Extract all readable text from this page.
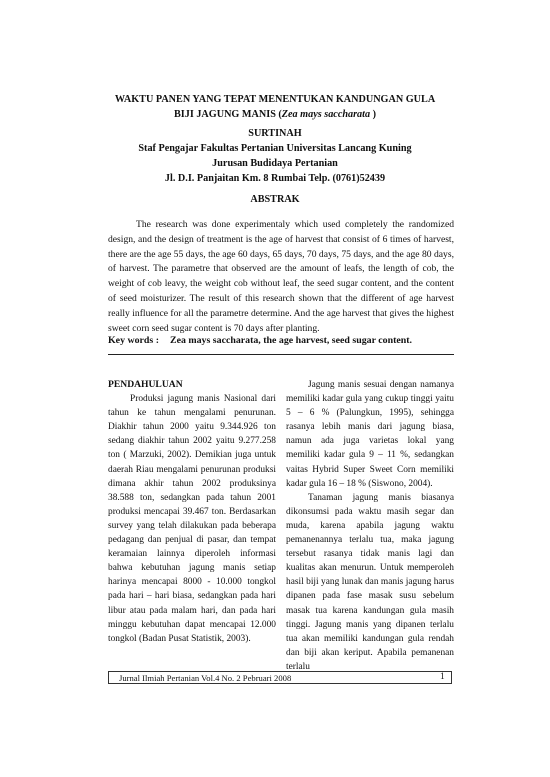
WAKTU PANEN YANG TEPAT MENENTUKAN KANDUNGAN GULA
BIJI JAGUNG MANIS (Zea mays saccharata )
SURTINAH
Staf Pengajar Fakultas Pertanian Universitas Lancang Kuning
Jurusan Budidaya Pertanian
Jl. D.I. Panjaitan Km. 8 Rumbai Telp. (0761)52439
ABSTRAK

The research was done experimentaly which used completely the randomized design, and the design of treatment is the age of harvest that consist of 6 times of harvest, there are the age 55 days, the age 60 days, 65 days, 70 days, 75 days, and the age 80 days, of harvest. The parametre that observed are the amount of leafs, the length of cob, the weight of cob leavy, the weight cob without leaf, the seed sugar content, and the content of seed moisturizer. The result of this research shown that the different of age harvest really influence for all the parametre determine. And the age harvest that gives the highest sweet corn seed sugar content is 70 days after planting.

Key words : Zea mays saccharata, the age harvest, seed sugar content.

PENDAHULUAN

Produksi jagung manis Nasional dari tahun ke tahun mengalami penurunan. Diakhir tahun 2000 yaitu 9.344.926 ton sedang diakhir tahun 2002 yaitu 9.277.258 ton ( Marzuki, 2002). Demikian juga untuk daerah Riau mengalami penurunan produksi dimana akhir tahun 2002 produksinya 38.588 ton, sedangkan pada tahun 2001 produksi mencapai 39.467 ton. Berdasarkan survey yang telah dilakukan pada beberapa pedagang dan penjual di pasar, dan tempat keramaian lainnya diperoleh informasi bahwa kebutuhan jagung manis setiap harinya mencapai 8000 - 10.000 tongkol pada hari – hari biasa, sedangkan pada hari libur atau pada malam hari, dan pada hari minggu kebutuhan dapat mencapai 12.000 tongkol (Badan Pusat Statistik, 2003).

Jagung manis sesuai dengan namanya memiliki kadar gula yang cukup tinggi yaitu 5 – 6 % (Palungkun, 1995), sehingga rasanya lebih manis dari jagung biasa, namun ada juga varietas lokal yang memiliki kadar gula 9 – 11 %, sedangkan vaitas Hybrid Super Sweet Corn memiliki kadar gula 16 – 18 % (Siswono, 2004).

Tanaman jagung manis biasanya dikonsumsi pada waktu masih segar dan muda, karena apabila jagung waktu pemanenannya terlalu tua, maka jagung tersebut rasanya tidak manis lagi dan kualitas akan menurun. Untuk memperoleh hasil biji yang lunak dan manis jagung harus dipanen pada fase masak susu sebelum masak tua karena kandungan gula masih tinggi. Jagung manis yang dipanen terlalu tua akan memiliki kandungan gula rendah dan biji akan keriput. Apabila pemanenan terlalu

Jurnal Ilmiah Pertanian Vol.4 No. 2 Pebruari 2008	1
